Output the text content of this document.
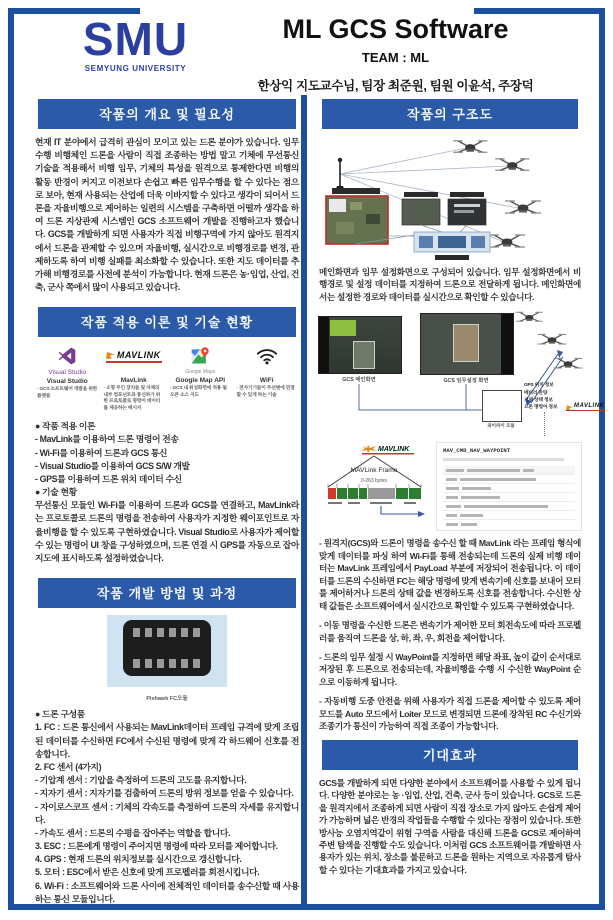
SMU
SEMYUNG UNIVERSITY
ML GCS Software
TEAM : ML
한상익 지도교수님, 팀장 최준원, 팀원 이윤석, 주장덕
작품의 개요 및 필요성
현재 IT 분야에서 급격히 관심이 모이고 있는 드론 분야가 있습니다. 임무수행 비행체인 드론을 사람이 직접 조종하는 방법 말고 기체에 무선통신 기술을 적용해서 비행 임무, 기체의 특성을 원격으로 통제한다면 비행의 활동 반경이 커지고 이전보다 손쉽고 빠른 임무수행을 할 수 있다는 점으로 보아, 현재 사용되는 산업에 더욱 이바지할 수 있다고 생각이 되어서 드론을 자율비행으로 제어하는 일련의 시스템을 구축하면 어떨까 생각을 하여 드론 지상관제 시스템인 GCS 소프트웨어 개발을 진행하고자 했습니다. GCS를 개발하게 되면 사용자가 직접 비행구역에 가지 않아도 원격지에서 드론을 관제할 수 있으며 자율비행, 실시간으로 비행경로를 변경, 관제하도록 하여 비행 실패를 최소화할 수 있습니다. 또한 지도 데이터를 추가해 비행경로를 사전에 분석이 가능합니다. 현재 드론은 농·임업, 산업, 건축, 군사 쪽에서 많이 사용되고 있습니다.
작품 적용 이론 및 기술 현황
Visual Studio
Visual Studio
· GCS 소프트웨어 개발을 위한 플랫폼
MAVLINK

MavLink
· 소형 무인 장치들 및 자체의 내부 컴포넌트와 통신하기 위한 프로토콜로 명령어 데이터를 제공하는 메시지
Google Maps
Google Map API
· GCS 내 위성화면에 적용 될 오픈 소스 지도

WiFi
· 전자기기들이 무선랜에 연결할 수 있게 하는 기술
● 작품 적용 이론
- MavLink를 이용하여 드론 명령어 전송
- Wi-Fi를 이용하여 드론과 GCS 통신
- Visual Studio를 이용하여 GCS S/W 개발
- GPS를 이용하여 드론 위치 데이터 수신
● 기술 현황
무선통신 모듈인 Wi-Fi를 이용하여 드론과 GCS를 연결하고, MavLink라는 프로토콜로 드론의 명령을 전송하여 사용자가 지정한 웨이포인트로 자율비행을 할 수 있도록 구현하였습니다. Visual Studio로 사용자가 제어할 수 있는 명령어 UI 창을 구성하였으며, 드론 연결 시 GPS를 자동으로 잡아 지도에 표시하도록 설정하였습니다.
작품 개발 방법 및 과정
Pixhawk FC모듈
● 드론 구성품
1. FC : 드론 통신에서 사용되는 MavLink데이터 프레임 규격에 맞게 조립된 데이터를 수신하면 FC에서 수신된 명령에 맞게 각 하드웨어 신호를 전송합니다.
2. FC 센서 (4가지)
- 기압계 센서 : 기압을 측정하여 드론의 고도를 유지합니다.
- 지자기 센서 : 지자기를 검출하여 드론의 방위 정보를 얻을 수 있습니다.
- 자이로스코프 센서 : 기체의 각속도를 측정하여 드론의 자세를 유지합니다.
- 가속도 센서 : 드론의 수평을 잡아주는 역할을 합니다.
3. ESC : 드론에게 명령이 주어지면 명령에 따라 모터를 제어합니다.
4. GPS : 현재 드론의 위치정보를 실시간으로 갱신합니다.
5. 모터 : ESC에서 받은 신호에 맞게 프로펠러를 회전시킵니다.
6. Wi-Fi : 소프트웨어와 드론 사이에 전체적인 데이터를 송수신할 때 사용하는 통신 모듈입니다.
작품의 구조도
메인화면과 임무 설정화면으로 구성되어 있습니다. 임무 설정화면에서 비행경로 및 설정 데이터를 지정하여 드론으로 전달하게 됩니다. 메인화면에서는 설정한 경로와 데이터를 실시간으로 확인할 수 있습니다.
GCS 메인화면	GCS 임무설정 화면
와이파이 모듈
GPS 위치 정보
배터리 잔량
기체 상태 정보
드론 명령어 정보	MAVLINK
MAVLINK
MAVLink Frame
0-263 bytes
MAV_CMD_NAV_WAYPOINT
- 원격지(GCS)와 드론이 명령을 송수신 할 때 MavLink 라는 프레임 형식에 맞게 데이터를 파싱 하여 Wi-Fi를 통해 전송되는데 드론의 실제 비행 데이터는 MavLink 프레임에서 PayLoad 부분에 저장되어 전송됩니다. 이 데이터를 드론의 수신하면 FC는 해당 명령에 맞게 변속기에 신호를 보내어 모터를 제어하거나 드론의 상태 값을 변경하도록 신호를 전송합니다. 수신한 상태 값들은 소프트웨어에서 실시간으로 확인할 수 있도록 구현하였습니다.
- 이동 명령을 수신한 드론은 변속기가 제어한 모터 회전속도에 따라 프로펠러를 움직여 드론을 상, 하, 좌, 우, 회전을 제어합니다.
- 드론의 임무 설정 시 WayPoint를 지정하면 해당 좌표, 높이 값이 순서대로 저장된 후 드론으로 전송되는데, 자율비행을 수행 시 수신한 WayPoint 순으로 이동하게 됩니다.
- 자동비행 도중 안전을 위해 사용자가 직접 드론을 제어할 수 있도록 제어 모드를 Auto 모드에서 Loiter 모드로 변경되면 드론에 장착된 RC 수신기와 조종기가 통신이 가능하여 직접 조종이 가능합니다.
기대효과
GCS를 개발하게 되면 다양한 분야에서 소프트웨어를 사용할 수 있게 됩니다. 다양한 분야로는 농 ·임업, 산업, 건축, 군사 등이 있습니다. GCS로 드론을 원격지에서 조종하게 되면 사람이 직접 장소로 가지 않아도 손쉽게 제어가 가능하며 넓은 반경의 작업들을 수행할 수 있다는 장점이 있습니다. 또한 방사능 오염지역같이 위험 구역을 사람을 대신해 드론을 GCS로 제어하여 주변 탐색을 진행할 수도 있습니다. 이처럼 GCS 소프트웨어를 개발하면 사용자가 있는 위치, 장소를 불문하고 드론을 원하는 지역으로 자유롭게 탐사할 수 있다는 기대효과를 가지고 있습니다.
